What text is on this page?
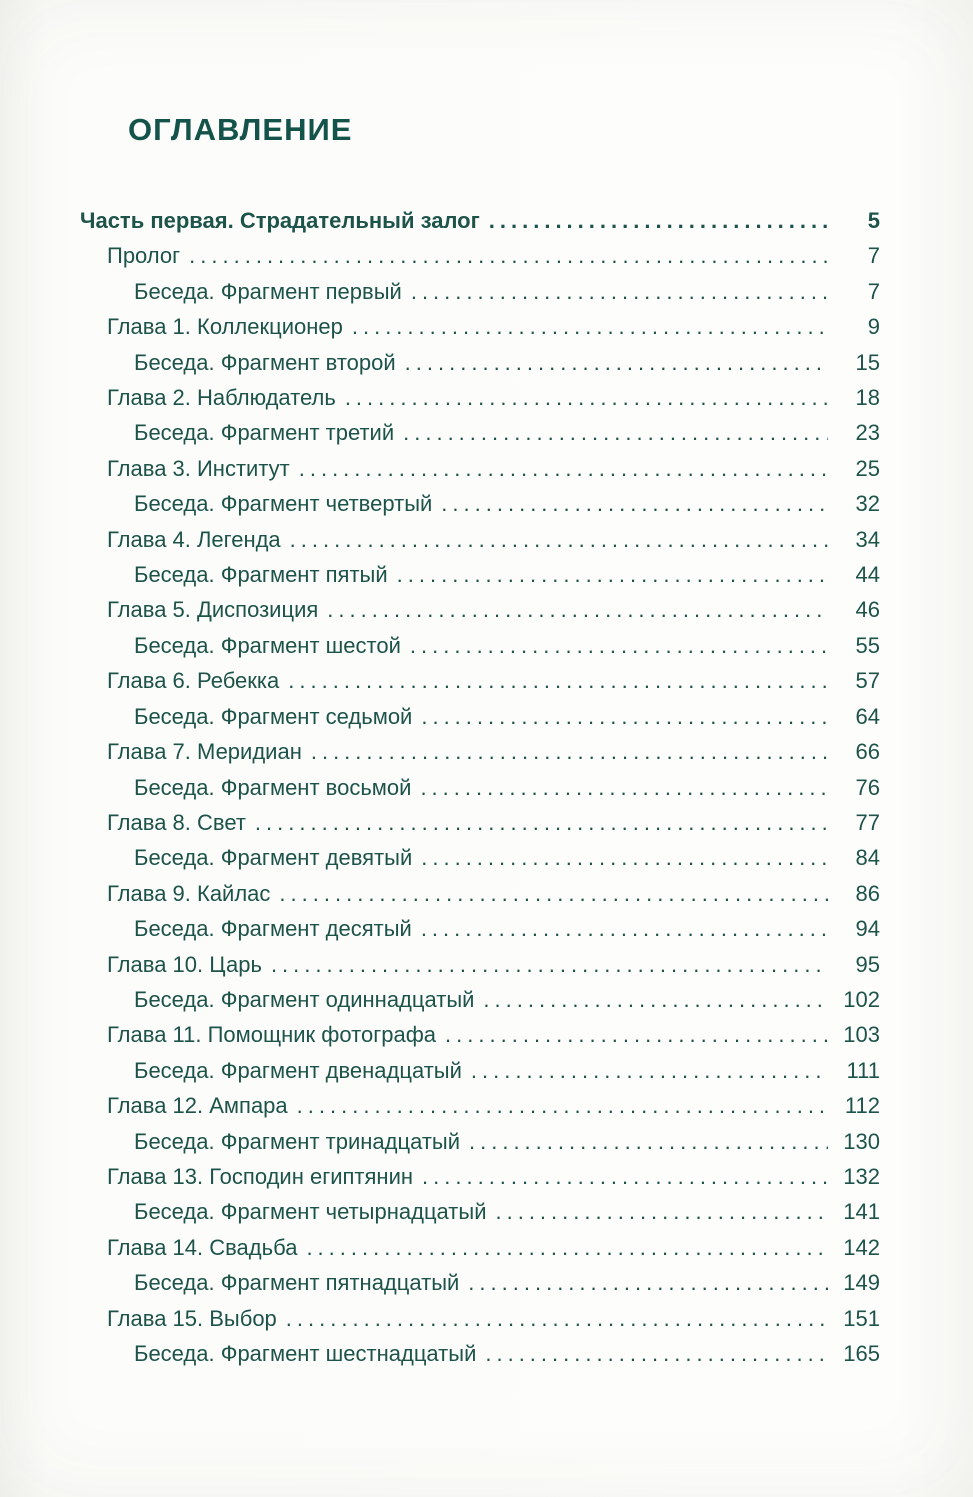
ОГЛАВЛЕНИЕ
Часть первая. Страдательный залог .....	5
Пролог .....	7
Беседа. Фрагмент первый .....	7
Глава 1. Коллекционер .....	9
Беседа. Фрагмент второй .....	15
Глава 2. Наблюдатель .....	18
Беседа. Фрагмент третий .....	23
Глава 3. Институт .....	25
Беседа. Фрагмент четвертый .....	32
Глава 4. Легенда .....	34
Беседа. Фрагмент пятый .....	44
Глава 5. Диспозиция .....	46
Беседа. Фрагмент шестой .....	55
Глава 6. Ребекка .....	57
Беседа. Фрагмент седьмой .....	64
Глава 7. Меридиан .....	66
Беседа. Фрагмент восьмой .....	76
Глава 8. Свет .....	77
Беседа. Фрагмент девятый .....	84
Глава 9. Кайлас .....	86
Беседа. Фрагмент десятый .....	94
Глава 10. Царь .....	95
Беседа. Фрагмент одиннадцатый .....	102
Глава 11. Помощник фотографа .....	103
Беседа. Фрагмент двенадцатый .....	111
Глава 12. Ампара .....	112
Беседа. Фрагмент тринадцатый .....	130
Глава 13. Господин египтянин .....	132
Беседа. Фрагмент четырнадцатый .....	141
Глава 14. Свадьба .....	142
Беседа. Фрагмент пятнадцатый .....	149
Глава 15. Выбор .....	151
Беседа. Фрагмент шестнадцатый .....	165
